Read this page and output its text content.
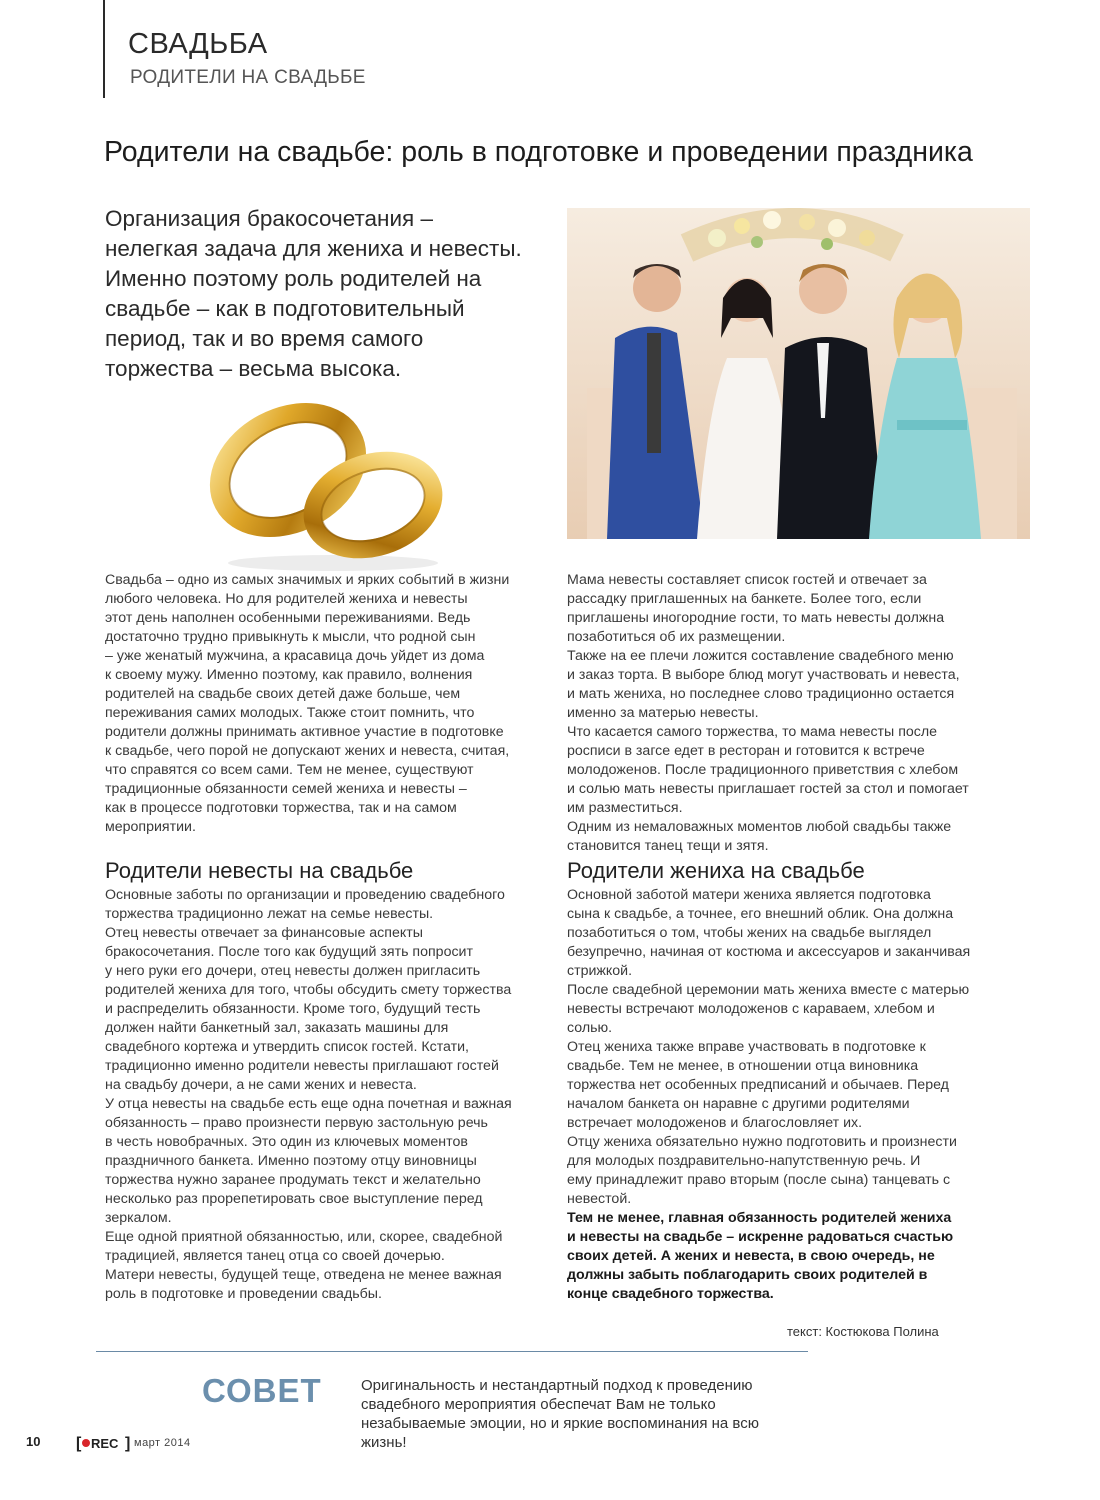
СВАДЬБА
РОДИТЕЛИ НА СВАДЬБЕ
Родители на свадьбе: роль в подготовке и проведении праздника

Организация бракосочетания –

нелегкая задача для жениха и невесты.

Именно поэтому роль родителей на

свадьбе – как в подготовительный

период, так и во время самого

торжества – весьма высока.

Свадьба – одно из самых значимых и ярких событий в жизни

любого человека. Но для родителей жениха и невесты

этот день наполнен особенными переживаниями. Ведь

достаточно трудно привыкнуть к мысли, что родной сын

– уже женатый мужчина, а красавица дочь уйдет из дома

к своему мужу. Именно поэтому, как правило, волнения

родителей на свадьбе своих детей даже больше, чем

переживания самих молодых. Также стоит помнить, что

родители должны принимать активное участие в подготовке

к свадьбе, чего порой не допускают жених и невеста, считая,

что справятся со всем сами. Тем не менее, существуют

традиционные обязанности семей жениха и невесты –

как в процессе подготовки торжества, так и на самом

мероприятии.

Мама невесты составляет список гостей и отвечает за

рассадку приглашенных на банкете. Более того, если

приглашены иногородние гости, то мать невесты должна

позаботиться об их размещении.

Также на ее плечи ложится составление свадебного меню

и заказ торта. В выборе блюд могут участвовать и невеста,

и мать жениха, но последнее слово традиционно остается

именно за матерью невесты.

Что касается самого торжества, то мама невесты после

росписи в загсе едет в ресторан и готовится к встрече

молодоженов. После традиционного приветствия с хлебом

и солью мать невесты приглашает гостей за стол и помогает

им разместиться.

Одним из немаловажных моментов любой свадьбы также

становится танец тещи и зятя.

Родители невесты на свадьбе	Родители жениха на свадьбе

Основные заботы по организации и проведению свадебного

торжества традиционно лежат на семье невесты.

Отец невесты отвечает за финансовые аспекты

бракосочетания. После того как будущий зять попросит

у него руки его дочери, отец невесты должен пригласить

родителей жениха для того, чтобы обсудить смету торжества

и распределить обязанности. Кроме того, будущий тесть

должен найти банкетный зал, заказать машины для

свадебного кортежа и утвердить список гостей. Кстати,

традиционно именно родители невесты приглашают гостей

на свадьбу дочери, а не сами жених и невеста.

У отца невесты на свадьбе есть еще одна почетная и важная

обязанность – право произнести первую застольную речь

в честь новобрачных. Это один из ключевых моментов

праздничного банкета. Именно поэтому отцу виновницы

торжества нужно заранее продумать текст и желательно

несколько раз прорепетировать свое выступление перед

зеркалом.

Еще одной приятной обязанностью, или, скорее, свадебной

традицией, является танец отца со своей дочерью.

Матери невесты, будущей теще, отведена не менее важная

роль в подготовке и проведении свадьбы.

Основной заботой матери жениха является подготовка

сына к свадьбе, а точнее, его внешний облик. Она должна

позаботиться о том, чтобы жених на свадьбе выглядел

безупречно, начиная от костюма и аксессуаров и заканчивая

стрижкой.

После свадебной церемонии мать жениха вместе с матерью

невесты встречают молодоженов с караваем, хлебом и

солью.

Отец жениха также вправе участвовать в подготовке к

свадьбе. Тем не менее, в отношении отца виновника

торжества нет особенных предписаний и обычаев. Перед

началом банкета он наравне с другими родителями

встречает молодоженов и благословляет их.

Отцу жениха обязательно нужно подготовить и произнести

для молодых поздравительно-напутственную речь. И

ему принадлежит право вторым (после сына) танцевать с

невестой.

Тем не менее, главная обязанность родителей жениха

и невесты на свадьбе – искренне радоваться счастью

своих детей. А жених и невеста, в свою очередь, не

должны забыть поблагодарить своих родителей в

конце свадебного торжества.

текст: Костюкова Полина
СОВЕТ	Оригинальность и нестандартный подход к проведению
свадебного мероприятия обеспечат Вам не только
незабываемые эмоции, но и яркие воспоминания на всю
жизнь!
10 [ REC ] март 2014
